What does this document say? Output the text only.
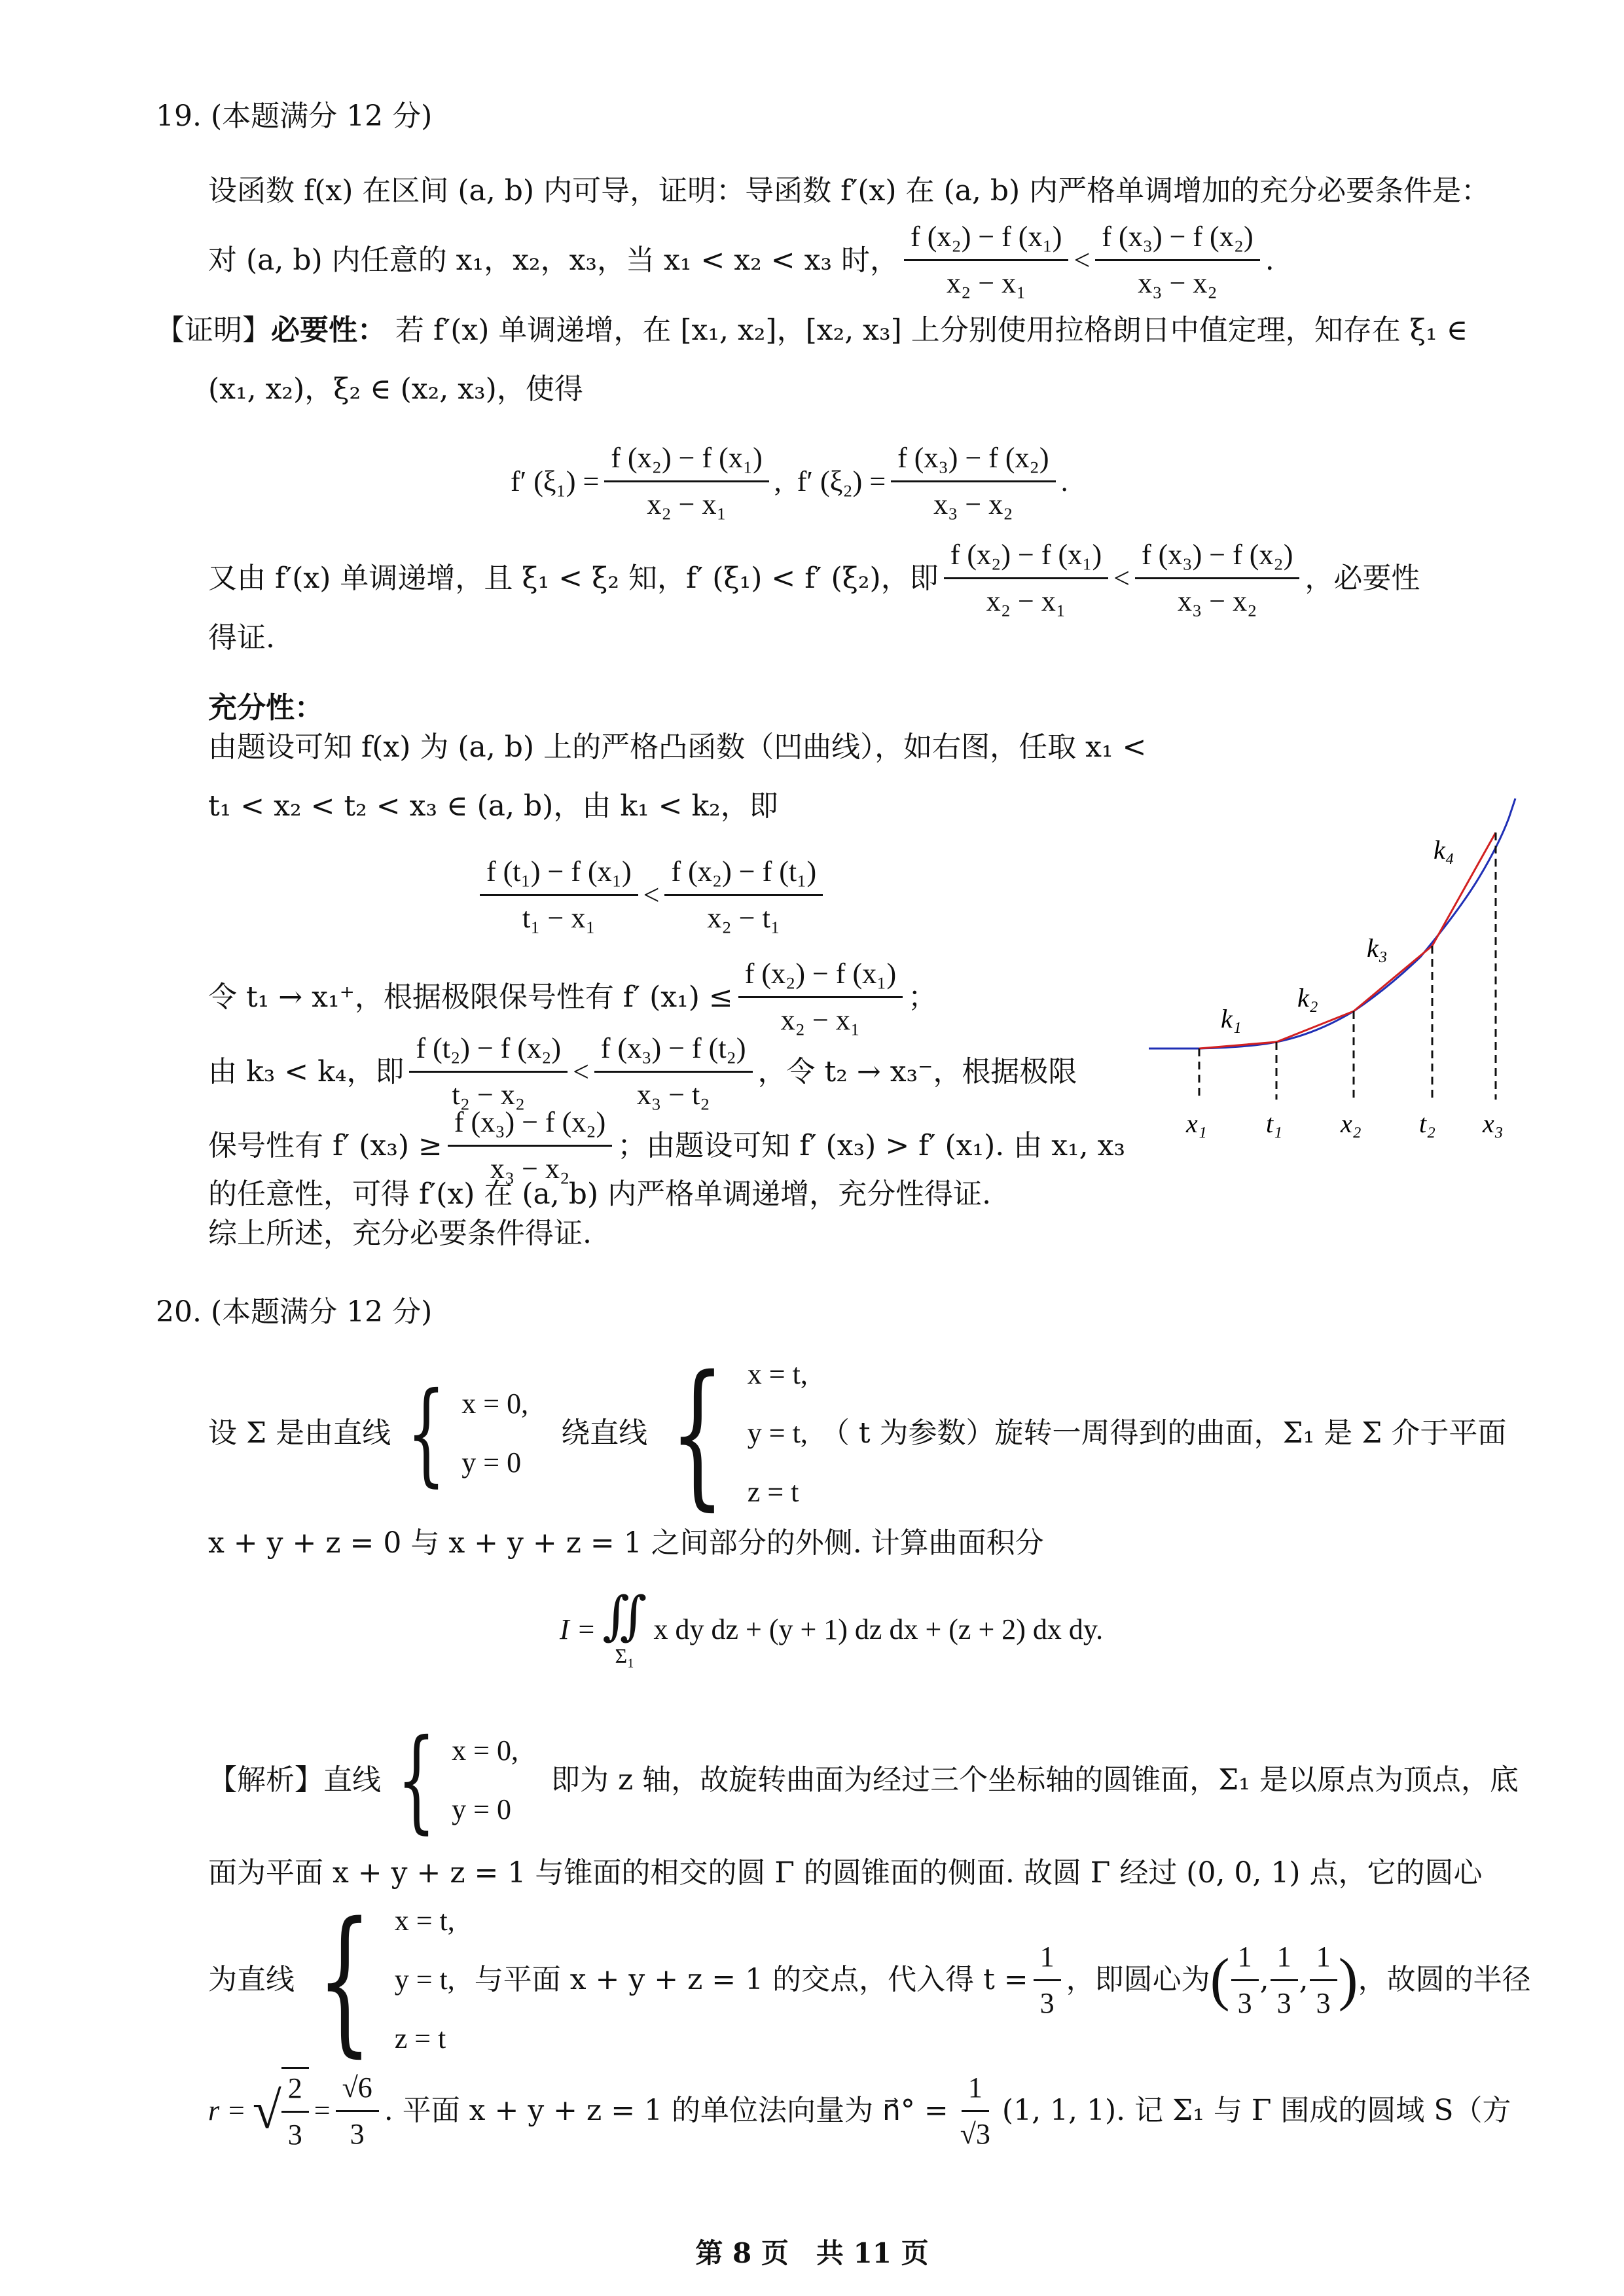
19. (本题满分 12 分)
设函数 f(x) 在区间 (a, b) 内可导，证明：导函数 f′(x) 在 (a, b) 内严格单调增加的充分必要条件是：
对 (a, b) 内任意的 x₁，x₂，x₃，当 x₁ < x₂ < x₃ 时， $\frac{\text{f (x₂) − f (x₁)}}{\text{x₂ − x₁}} < \frac{\text{f (x₃) − f (x₂)}}{\text{x₃ − x₂}}$ .
【证明】必要性： 若 f′(x) 单调递增，在 [x₁, x₂]，[x₂, x₃] 上分别使用拉格朗日中值定理，知存在 ξ₁ ∈
(x₁, x₂)，ξ₂ ∈ (x₂, x₃)，使得
f′ $(\xi_1) = \frac{\text{f (x₂) − f (x₁)}}{\text{x₂ − x₁}}$ , f′ $(\xi_2) = \frac{\text{f (x₃) − f (x₂)}}{\text{x₃ − x₂}}$ .
又由 f′(x) 单调递增，且 ξ₁ < ξ₂ 知，f′ (ξ₁) < f′ (ξ₂)，即 $\frac{\text{f (x₂) − f (x₁)}}{\text{x₂ − x₁}} < \frac{\text{f (x₃) − f (x₂)}}{\text{x₃ − x₂}}$ ，必要性
得证.
充分性：
由题设可知 f(x) 为 (a, b) 上的严格凸函数（凹曲线），如右图，任取 x₁ <
t₁ < x₂ < t₂ < x₃ ∈ (a, b)，由 k₁ < k₂，即
$\frac{\text{f (t₁) − f (x₁)}}{\text{t₁ − x₁}} < \frac{\text{f (x₂) − f (t₁)}}{\text{x₂ − t₁}}$
令 t₁ → x₁⁺，根据极限保号性有 f′ $(x_1) \le \frac{\text{f (x₂) − f (x₁)}}{\text{x₂ − x₁}}$ ；
由 k₃ < k₄，即 $\frac{\text{f (t₂) − f (x₂)}}{\text{t₂ − x₂}} < \frac{\text{f (x₃) − f (t₂)}}{\text{x₃ − t₂}}$ ，令 t₂ → x₃⁻，根据极限
保号性有 f′ $(x_3) \ge \frac{\text{f (x₃) − f (x₂)}}{\text{x₃ − x₂}}$ ；由题设可知 f′ (x₃) > f′ (x₁). 由 x₁, x₃
的任意性，可得 f′(x) 在 (a, b) 内严格单调递增，充分性得证.
综上所述，充分必要条件得证.
k₁
k₂
k₃
k₄
x₁ t₁ x₂ t₂ x₃
20. (本题满分 12 分)
设 Σ 是由直线 { x = 0,
y = 0
绕直线 { x = t,
y = t,
z = t
（ t 为参数）旋转一周得到的曲面，Σ₁ 是 Σ 介于平面
x + y + z = 0 与 x + y + z = 1 之间部分的外侧. 计算曲面积分
I = ∬
Σ₁
x dy dz + (y + 1) dz dx + (z + 2) dx dy.
【解析】 直线 { x = 0,
y = 0
即为 z 轴，故旋转曲面为经过三个坐标轴的圆锥面，Σ₁ 是以原点为顶点，底
面为平面 x + y + z = 1 与锥面的相交的圆 Γ 的圆锥面的侧面. 故圆 Γ 经过 (0, 0, 1) 点，它的圆心
为直线 { x = t,
y = t,
z = t
与平面 x + y + z = 1 的交点，代入得 $t = \frac{1}{3}$ ，即圆心为 ( $\frac{1}{3}$ , $\frac{1}{3}$ , $\frac{1}{3}$ ) ，故圆的半径
r = √ $\frac{2}{3} = \frac{√6}{3}$ . 平面 x + y + z = 1 的单位法向量为 n⃗° = $\frac{1}{√3} (1$, 1, 1). 记 Σ₁ 与 Γ 围成的圆域 S（方
第 8 页　共 11 页
